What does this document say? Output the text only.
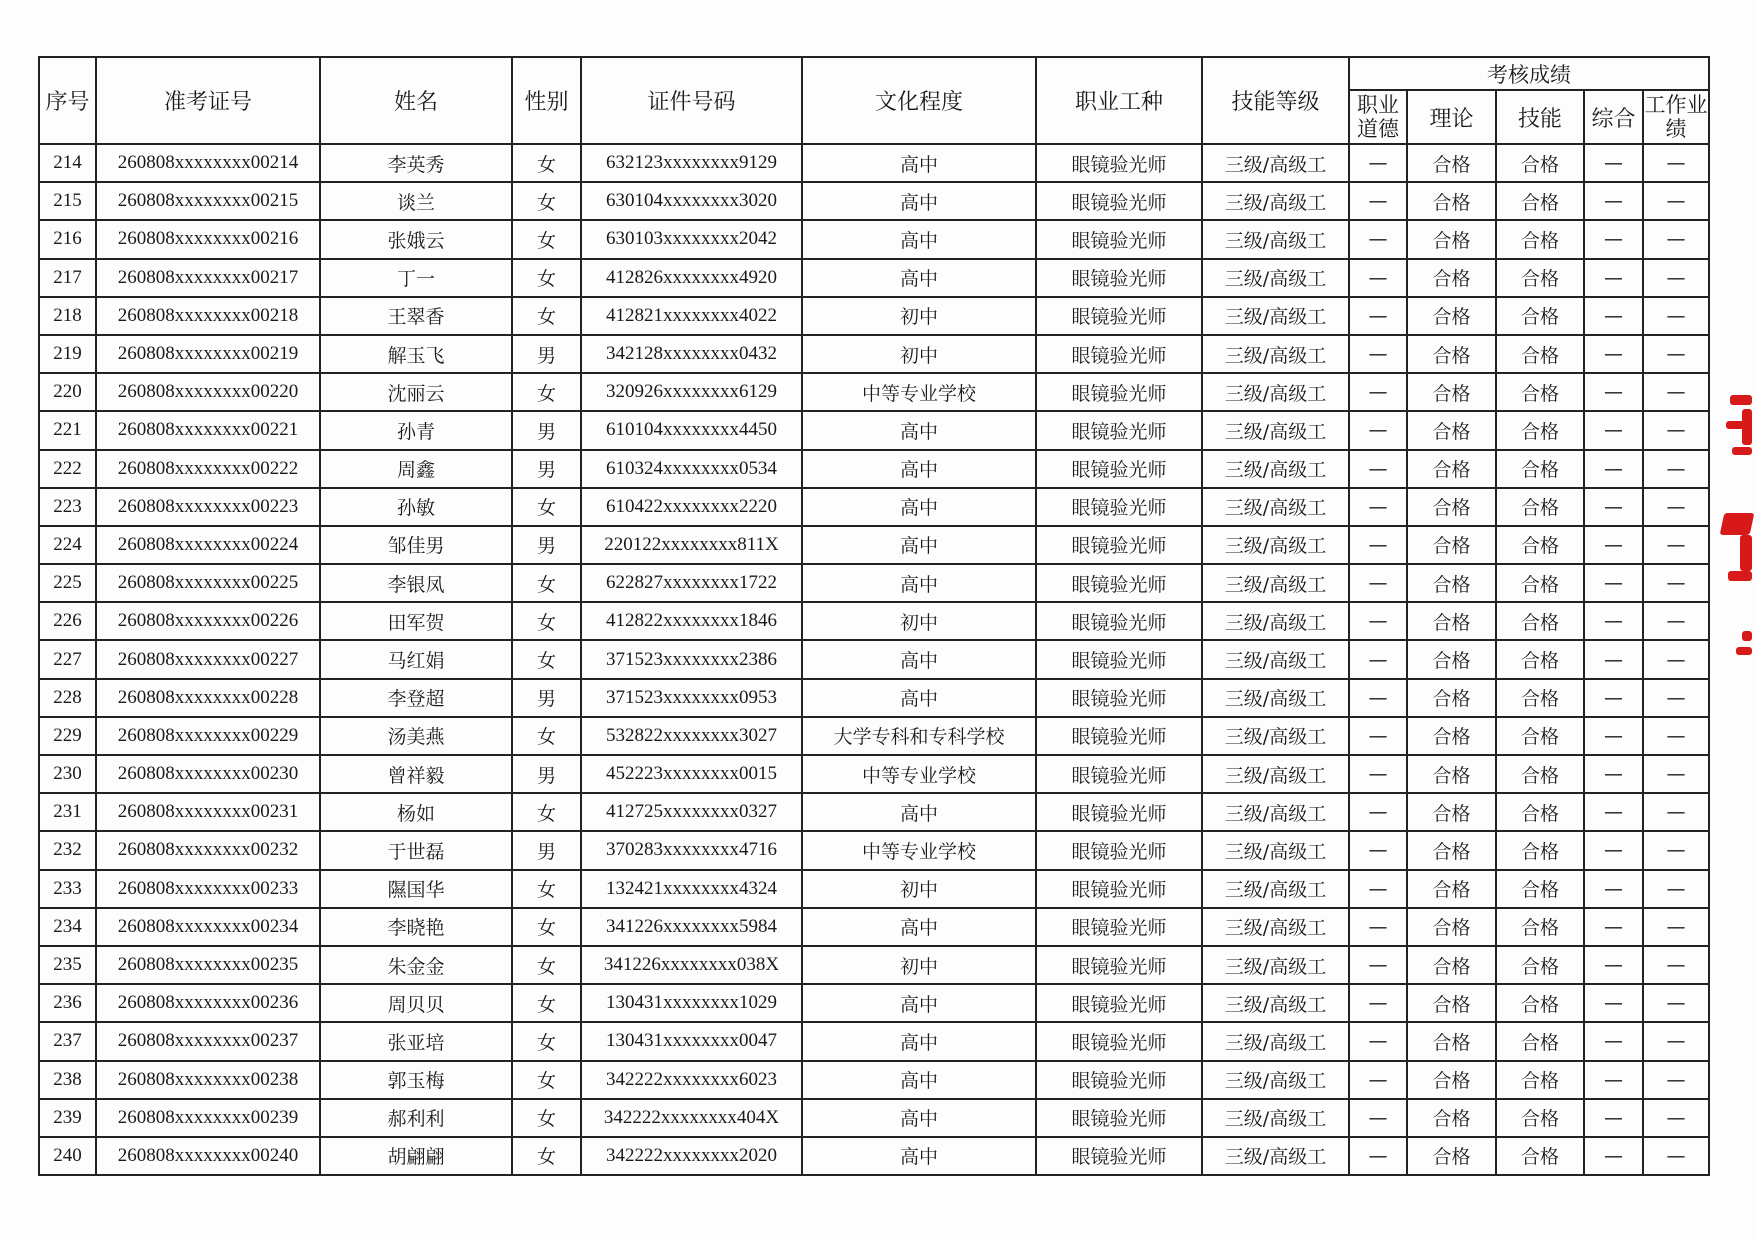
序号	准考证号	姓名	性别	证件号码	文化程度	职业工种	技能等级	考核成绩				
								职业道德	理论	技能	综合	工作业绩
214	260808xxxxxxxx00214	李英秀	女	632123xxxxxxxx9129	高中	眼镜验光师	三级/高级工	—	合格	合格	—	—
215	260808xxxxxxxx00215	谈兰	女	630104xxxxxxxx3020	高中	眼镜验光师	三级/高级工	—	合格	合格	—	—
216	260808xxxxxxxx00216	张娥云	女	630103xxxxxxxx2042	高中	眼镜验光师	三级/高级工	—	合格	合格	—	—
217	260808xxxxxxxx00217	丁一	女	412826xxxxxxxx4920	高中	眼镜验光师	三级/高级工	—	合格	合格	—	—
218	260808xxxxxxxx00218	王翠香	女	412821xxxxxxxx4022	初中	眼镜验光师	三级/高级工	—	合格	合格	—	—
219	260808xxxxxxxx00219	解玉飞	男	342128xxxxxxxx0432	初中	眼镜验光师	三级/高级工	—	合格	合格	—	—
220	260808xxxxxxxx00220	沈丽云	女	320926xxxxxxxx6129	中等专业学校	眼镜验光师	三级/高级工	—	合格	合格	—	—
221	260808xxxxxxxx00221	孙青	男	610104xxxxxxxx4450	高中	眼镜验光师	三级/高级工	—	合格	合格	—	—
222	260808xxxxxxxx00222	周鑫	男	610324xxxxxxxx0534	高中	眼镜验光师	三级/高级工	—	合格	合格	—	—
223	260808xxxxxxxx00223	孙敏	女	610422xxxxxxxx2220	高中	眼镜验光师	三级/高级工	—	合格	合格	—	—
224	260808xxxxxxxx00224	邹佳男	男	220122xxxxxxxx811X	高中	眼镜验光师	三级/高级工	—	合格	合格	—	—
225	260808xxxxxxxx00225	李银凤	女	622827xxxxxxxx1722	高中	眼镜验光师	三级/高级工	—	合格	合格	—	—
226	260808xxxxxxxx00226	田军贺	女	412822xxxxxxxx1846	初中	眼镜验光师	三级/高级工	—	合格	合格	—	—
227	260808xxxxxxxx00227	马红娟	女	371523xxxxxxxx2386	高中	眼镜验光师	三级/高级工	—	合格	合格	—	—
228	260808xxxxxxxx00228	李登超	男	371523xxxxxxxx0953	高中	眼镜验光师	三级/高级工	—	合格	合格	—	—
229	260808xxxxxxxx00229	汤美燕	女	532822xxxxxxxx3027	大学专科和专科学校	眼镜验光师	三级/高级工	—	合格	合格	—	—
230	260808xxxxxxxx00230	曾祥毅	男	452223xxxxxxxx0015	中等专业学校	眼镜验光师	三级/高级工	—	合格	合格	—	—
231	260808xxxxxxxx00231	杨如	女	412725xxxxxxxx0327	高中	眼镜验光师	三级/高级工	—	合格	合格	—	—
232	260808xxxxxxxx00232	于世磊	男	370283xxxxxxxx4716	中等专业学校	眼镜验光师	三级/高级工	—	合格	合格	—	—
233	260808xxxxxxxx00233	隰国华	女	132421xxxxxxxx4324	初中	眼镜验光师	三级/高级工	—	合格	合格	—	—
234	260808xxxxxxxx00234	李晓艳	女	341226xxxxxxxx5984	高中	眼镜验光师	三级/高级工	—	合格	合格	—	—
235	260808xxxxxxxx00235	朱金金	女	341226xxxxxxxx038X	初中	眼镜验光师	三级/高级工	—	合格	合格	—	—
236	260808xxxxxxxx00236	周贝贝	女	130431xxxxxxxx1029	高中	眼镜验光师	三级/高级工	—	合格	合格	—	—
237	260808xxxxxxxx00237	张亚培	女	130431xxxxxxxx0047	高中	眼镜验光师	三级/高级工	—	合格	合格	—	—
238	260808xxxxxxxx00238	郭玉梅	女	342222xxxxxxxx6023	高中	眼镜验光师	三级/高级工	—	合格	合格	—	—
239	260808xxxxxxxx00239	郝利利	女	342222xxxxxxxx404X	高中	眼镜验光师	三级/高级工	—	合格	合格	—	—
240	260808xxxxxxxx00240	胡翩翩	女	342222xxxxxxxx2020	高中	眼镜验光师	三级/高级工	—	合格	合格	—	—
